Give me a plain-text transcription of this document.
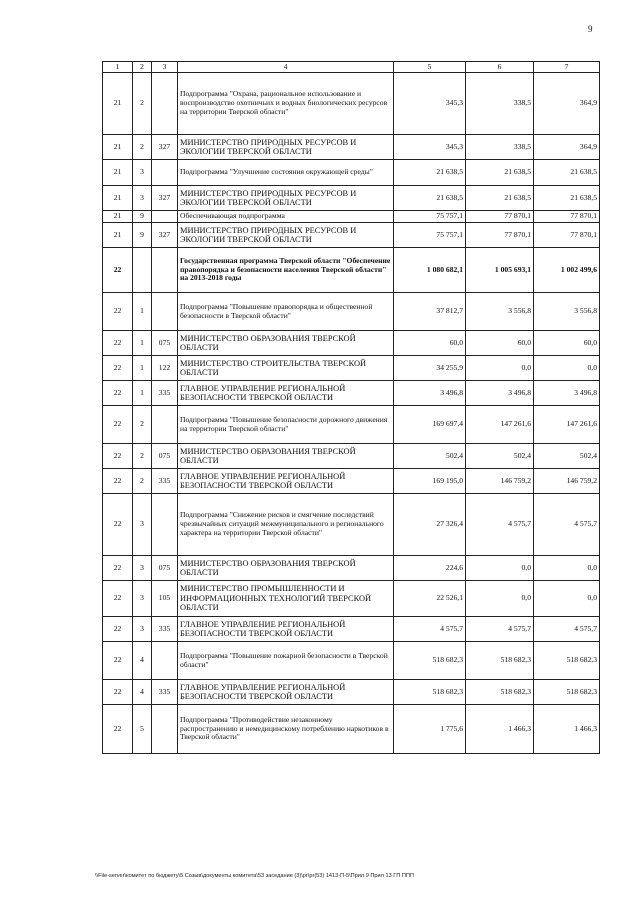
9
1	2	3	4	5	6	7
21	2		Подпрограмма "Охрана, рациональное использование и воспроизводство охотничьих и водных биологических ресурсов на территории Тверской области"	345,3	338,5	364,9
21	2	327	МИНИСТЕРСТВО ПРИРОДНЫХ РЕСУРСОВ И ЭКОЛОГИИ ТВЕРСКОЙ ОБЛАСТИ	345,3	338,5	364,9
21	3		Подпрограмма "Улучшение состояния окружающей среды"	21 638,5	21 638,5	21 638,5
21	3	327	МИНИСТЕРСТВО ПРИРОДНЫХ РЕСУРСОВ И ЭКОЛОГИИ ТВЕРСКОЙ ОБЛАСТИ	21 638,5	21 638,5	21 638,5
21	9		Обеспечивающая подпрограмма	75 757,1	77 870,1	77 870,1
21	9	327	МИНИСТЕРСТВО ПРИРОДНЫХ РЕСУРСОВ И ЭКОЛОГИИ ТВЕРСКОЙ ОБЛАСТИ	75 757,1	77 870,1	77 870,1
22			Государственная программа Тверской области "Обеспечение правопорядка и безопасности населения Тверской области" на 2013-2018 годы	1 080 682,1	1 005 693,1	1 002 499,6
22	1		Подпрограмма "Повышение правопорядка и общественной безопасности в Тверской области"	37 812,7	3 556,8	3 556,8
22	1	075	МИНИСТЕРСТВО ОБРАЗОВАНИЯ ТВЕРСКОЙ ОБЛАСТИ	60,0	60,0	60,0
22	1	122	МИНИСТЕРСТВО СТРОИТЕЛЬСТВА ТВЕРСКОЙ ОБЛАСТИ	34 255,9	0,0	0,0
22	1	335	ГЛАВНОЕ УПРАВЛЕНИЕ РЕГИОНАЛЬНОЙ БЕЗОПАСНОСТИ ТВЕРСКОЙ ОБЛАСТИ	3 496,8	3 496,8	3 496,8
22	2		Подпрограмма "Повышение безопасности дорожного движения на территории Тверской области"	169 697,4	147 261,6	147 261,6
22	2	075	МИНИСТЕРСТВО ОБРАЗОВАНИЯ ТВЕРСКОЙ ОБЛАСТИ	502,4	502,4	502,4
22	2	335	ГЛАВНОЕ УПРАВЛЕНИЕ РЕГИОНАЛЬНОЙ БЕЗОПАСНОСТИ ТВЕРСКОЙ ОБЛАСТИ	169 195,0	146 759,2	146 759,2
22	3		Подпрограмма "Снижение рисков и смягчение последствий чрезвычайных ситуаций межмуниципального и регионального характера на территории Тверской области"	27 326,4	4 575,7	4 575,7
22	3	075	МИНИСТЕРСТВО ОБРАЗОВАНИЯ ТВЕРСКОЙ ОБЛАСТИ	224,6	0,0	0,0
22	3	105	МИНИСТЕРСТВО ПРОМЫШЛЕННОСТИ И ИНФОРМАЦИОННЫХ ТЕХНОЛОГИЙ ТВЕРСКОЙ ОБЛАСТИ	22 526,1	0,0	0,0
22	3	335	ГЛАВНОЕ УПРАВЛЕНИЕ РЕГИОНАЛЬНОЙ БЕЗОПАСНОСТИ ТВЕРСКОЙ ОБЛАСТИ	4 575,7	4 575,7	4 575,7
22	4		Подпрограмма "Повышение пожарной безопасности в Тверской области"	518 682,3	518 682,3	518 682,3
22	4	335	ГЛАВНОЕ УПРАВЛЕНИЕ РЕГИОНАЛЬНОЙ БЕЗОПАСНОСТИ ТВЕРСКОЙ ОБЛАСТИ	518 682,3	518 682,3	518 682,3
22	5		Подпрограмма "Противодействие незаконному распространению и немедицинскому потреблению наркотиков в Тверской области"	1 775,6	1 466,3	1 466,3
\\File-server\комитет по бюджету\5 Созыв\документы комитета\53 заседание (3)\pr\pr(53) 1413-П-5\Прил 9 Прил 13 ГП ППП
